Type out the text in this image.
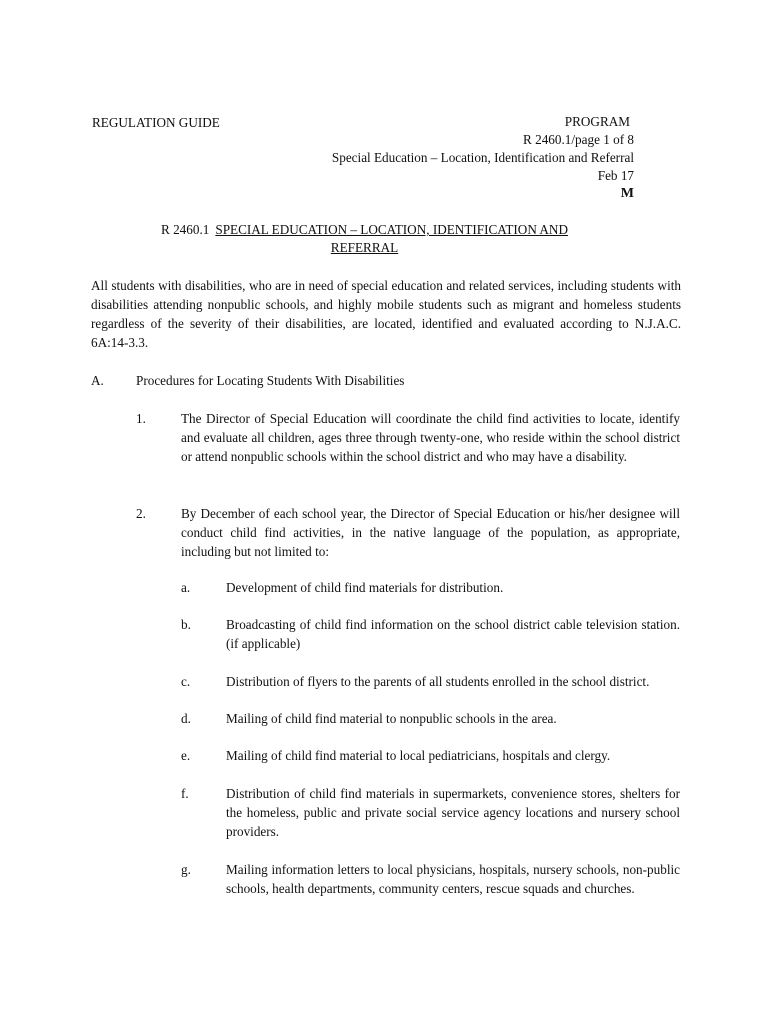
REGULATION GUIDE	PROGRAM
R 2460.1/page 1 of 8
Special Education – Location, Identification and Referral
Feb 17
M
R 2460.1 SPECIAL EDUCATION – LOCATION, IDENTIFICATION AND
REFERRAL
All students with disabilities, who are in need of special education and related services, including students with disabilities attending nonpublic schools, and highly mobile students such as migrant and homeless students regardless of the severity of their disabilities, are located, identified and evaluated according to N.J.A.C. 6A:14-3.3.
A. Procedures for Locating Students With Disabilities
1.	The Director of Special Education will coordinate the child find activities to locate, identify and evaluate all children, ages three through twenty-one, who reside within the school district or attend nonpublic schools within the school district and who may have a disability.
2.	By December of each school year, the Director of Special Education or his/her designee will conduct child find activities, in the native language of the population, as appropriate, including but not limited to:
a.	Development of child find materials for distribution.
b.	Broadcasting of child find information on the school district cable television station. (if applicable)
c.	Distribution of flyers to the parents of all students enrolled in the school district.
d.	Mailing of child find material to nonpublic schools in the area.
e.	Mailing of child find material to local pediatricians, hospitals and clergy.
f.	Distribution of child find materials in supermarkets, convenience stores, shelters for the homeless, public and private social service agency locations and nursery school providers.
g.	Mailing information letters to local physicians, hospitals, nursery schools, non-public schools, health departments, community centers, rescue squads and churches.
